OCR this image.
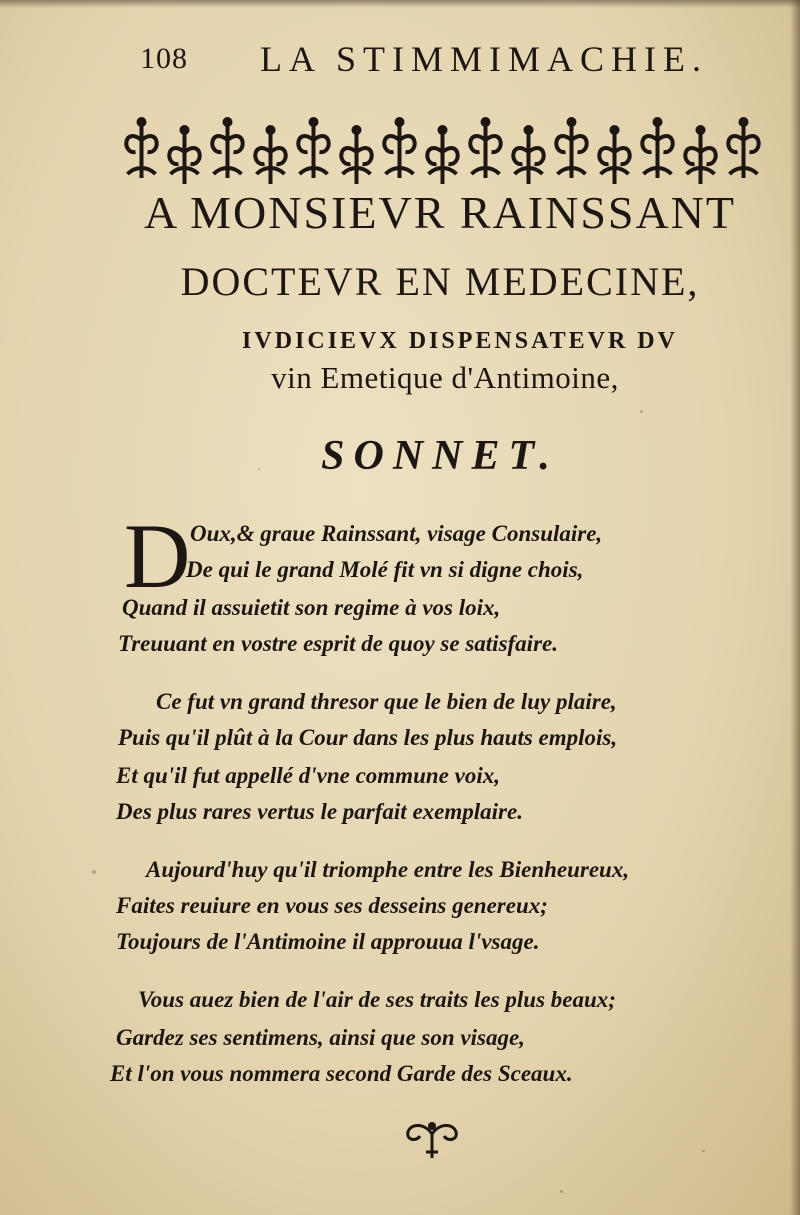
108 LA STIMMIMACHIE.
A MONSIEVR RAINSSANT
DOCTEVR EN MEDECINE,
IVDICIЕVX DISPENSATEVR DV
vin Emetique d'Antimoine,
SONNET.
D Oux,& graue Rainssant, visage Consulaire,
De qui le grand Molé fit vn si digne chois,
Quand il assuietit son regime à vos loix,
Treuuant en vostre esprit de quoy se satisfaire.
Ce fut vn grand thresor que le bien de luy plaire,
Puis qu'il plût à la Cour dans les plus hauts emplois,
Et qu'il fut appellé d'vne commune voix,
Des plus rares vertus le parfait exemplaire.
Aujourd'huy qu'il triomphe entre les Bienheureux,
Faites reuiure en vous ses desseins genereux;
Toujours de l'Antimoine il approuua l'vsage.
Vous auez bien de l'air de ses traits les plus beaux;
Gardez ses sentimens, ainsi que son visage,
Et l'on vous nommera second Garde des Sceaux.
